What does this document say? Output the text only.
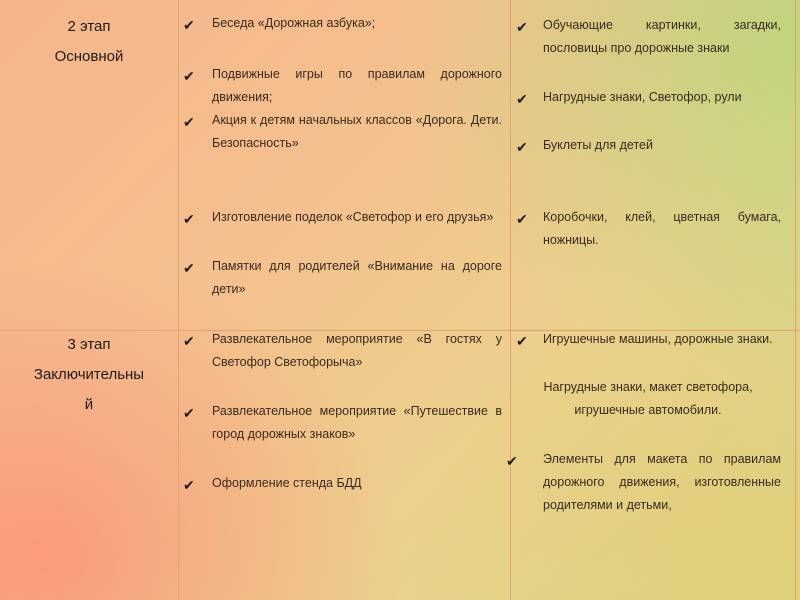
2 этап
Основной
✔ Беседа «Дорожная азбука»;
✔ Подвижные игры по правилам дорожного движения;
✔ Акция к детям начальных классов «Дорога. Дети. Безопасность»
✔ Изготовление поделок «Светофор и его друзья»
✔ Памятки для родителей «Внимание на дороге дети»
✔ Обучающие картинки, загадки, пословицы про дорожные знаки
✔ Нагрудные знаки, Светофор, рули
✔ Буклеты для детей
✔ Коробочки, клей, цветная бумага, ножницы.
3 этап
Заключительны
й
✔ Развлекательное мероприятие «В гостях у Светофор Светофорыча»
✔ Развлекательное мероприятие «Путешествие в город дорожных знаков»
✔ Оформление стенда БДД
✔ Игрушечные машины, дорожные знаки.
Нагрудные знаки, макет светофора, игрушечные автомобили.
✔ Элементы для макета по правилам дорожного движения, изготовленные родителями и детьми,
